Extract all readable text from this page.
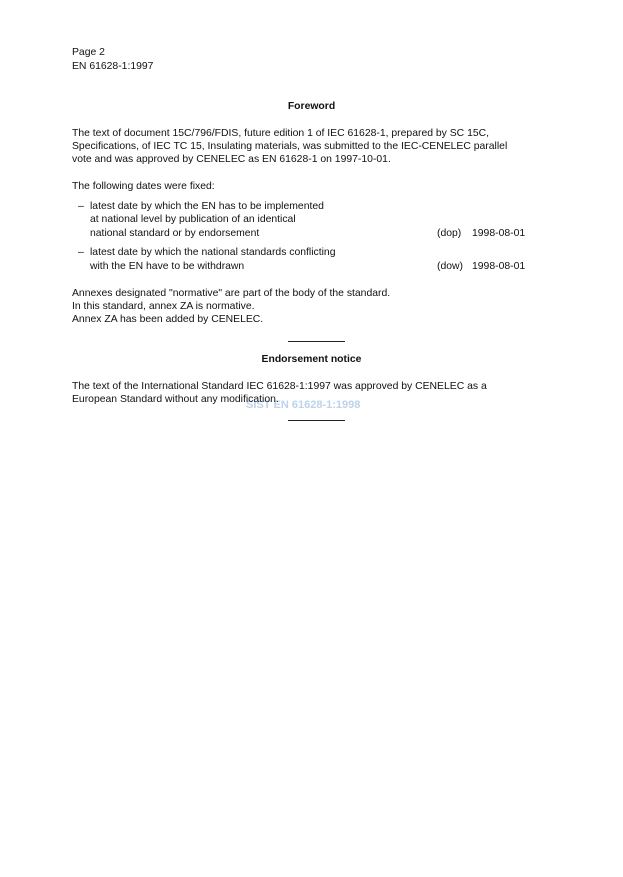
SIST EN 61628-1:1998
Page 2
EN 61628-1:1997
Foreword
The text of document 15C/796/FDIS, future edition 1 of IEC 61628-1, prepared by SC 15C,
Specifications, of IEC TC 15, Insulating materials, was submitted to the IEC-CENELEC parallel
vote and was approved by CENELEC as EN 61628-1 on 1997-10-01.
The following dates were fixed:
– latest date by which the EN has to be implemented
at national level by publication of an identical
national standard or by endorsement	(dop) 1998-08-01
– latest date by which the national standards conflicting
with the EN have to be withdrawn	(dow) 1998-08-01
Annexes designated "normative" are part of the body of the standard.
In this standard, annex ZA is normative.
Annex ZA has been added by CENELEC.
Endorsement notice
The text of the International Standard IEC 61628-1:1997 was approved by CENELEC as a
European Standard without any modification.
